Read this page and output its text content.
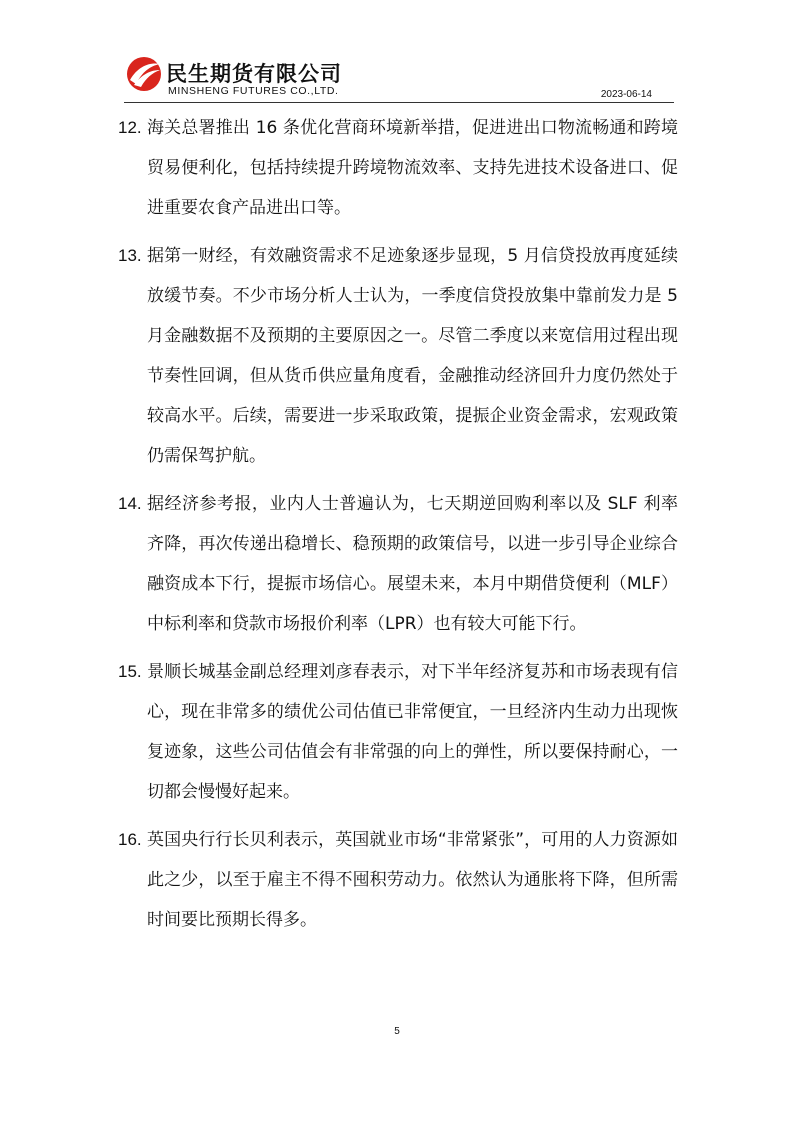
民生期货有限公司
MINSHENG FUTURES CO.,LTD.	2023-06-14
12. 海关总署推出 16 条优化营商环境新举措，促进进出口物流畅通和跨境贸易便利化，包括持续提升跨境物流效率、支持先进技术设备进口、促进重要农食产品进出口等。
13. 据第一财经，有效融资需求不足迹象逐步显现，5 月信贷投放再度延续放缓节奏。不少市场分析人士认为，一季度信贷投放集中靠前发力是 5 月金融数据不及预期的主要原因之一。尽管二季度以来宽信用过程出现节奏性回调，但从货币供应量角度看，金融推动经济回升力度仍然处于较高水平。后续，需要进一步采取政策，提振企业资金需求，宏观政策仍需保驾护航。
14. 据经济参考报，业内人士普遍认为，七天期逆回购利率以及 SLF 利率齐降，再次传递出稳增长、稳预期的政策信号，以进一步引导企业综合融资成本下行，提振市场信心。展望未来，本月中期借贷便利（MLF）中标利率和贷款市场报价利率（LPR）也有较大可能下行。
15. 景顺长城基金副总经理刘彦春表示，对下半年经济复苏和市场表现有信心，现在非常多的绩优公司估值已非常便宜，一旦经济内生动力出现恢复迹象，这些公司估值会有非常强的向上的弹性，所以要保持耐心，一切都会慢慢好起来。
16. 英国央行行长贝利表示，英国就业市场“非常紧张”，可用的人力资源如此之少，以至于雇主不得不囤积劳动力。依然认为通胀将下降，但所需时间要比预期长得多。
5
